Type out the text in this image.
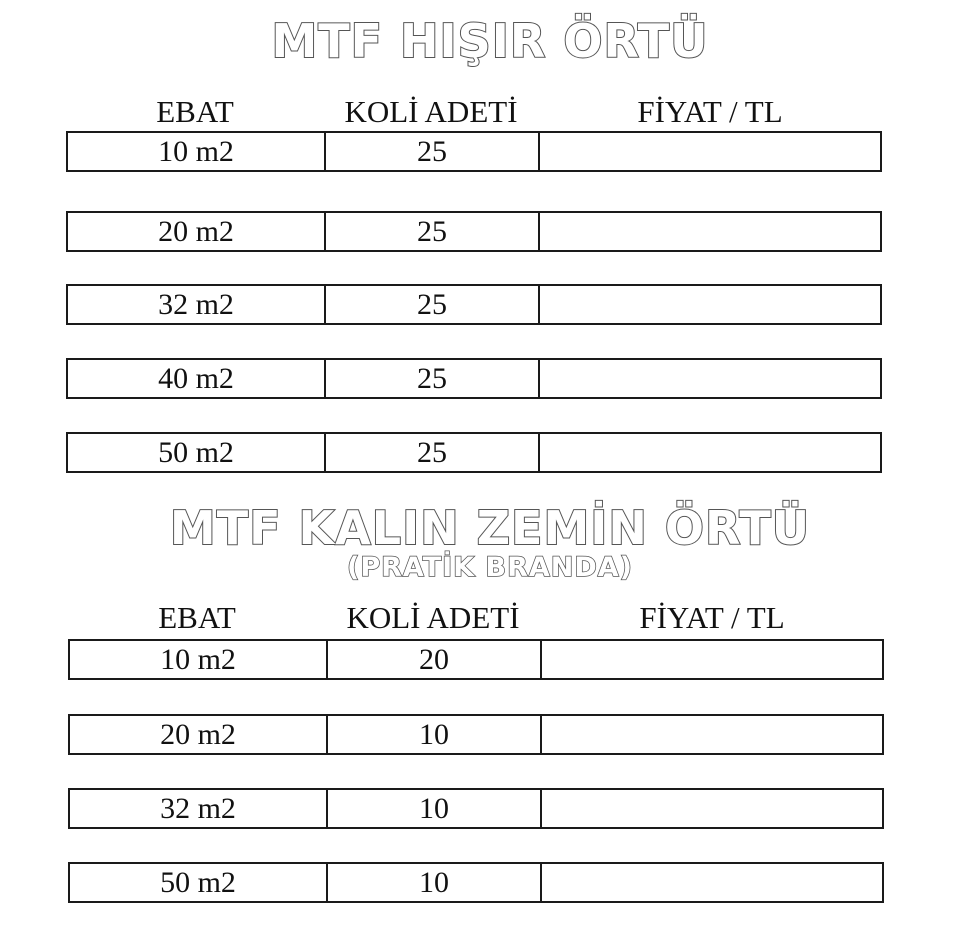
MTF HIŞIR ÖRTÜ
EBAT	KOLİ ADETİ	FİYAT / TL
10 m2	25
20 m2	25
32 m2	25
40 m2	25
50 m2	25
MTF KALIN ZEMİN ÖRTÜ
(PRATİK BRANDA)
EBAT	KOLİ ADETİ	FİYAT / TL
10 m2	20
20 m2	10
32 m2	10
50 m2	10
